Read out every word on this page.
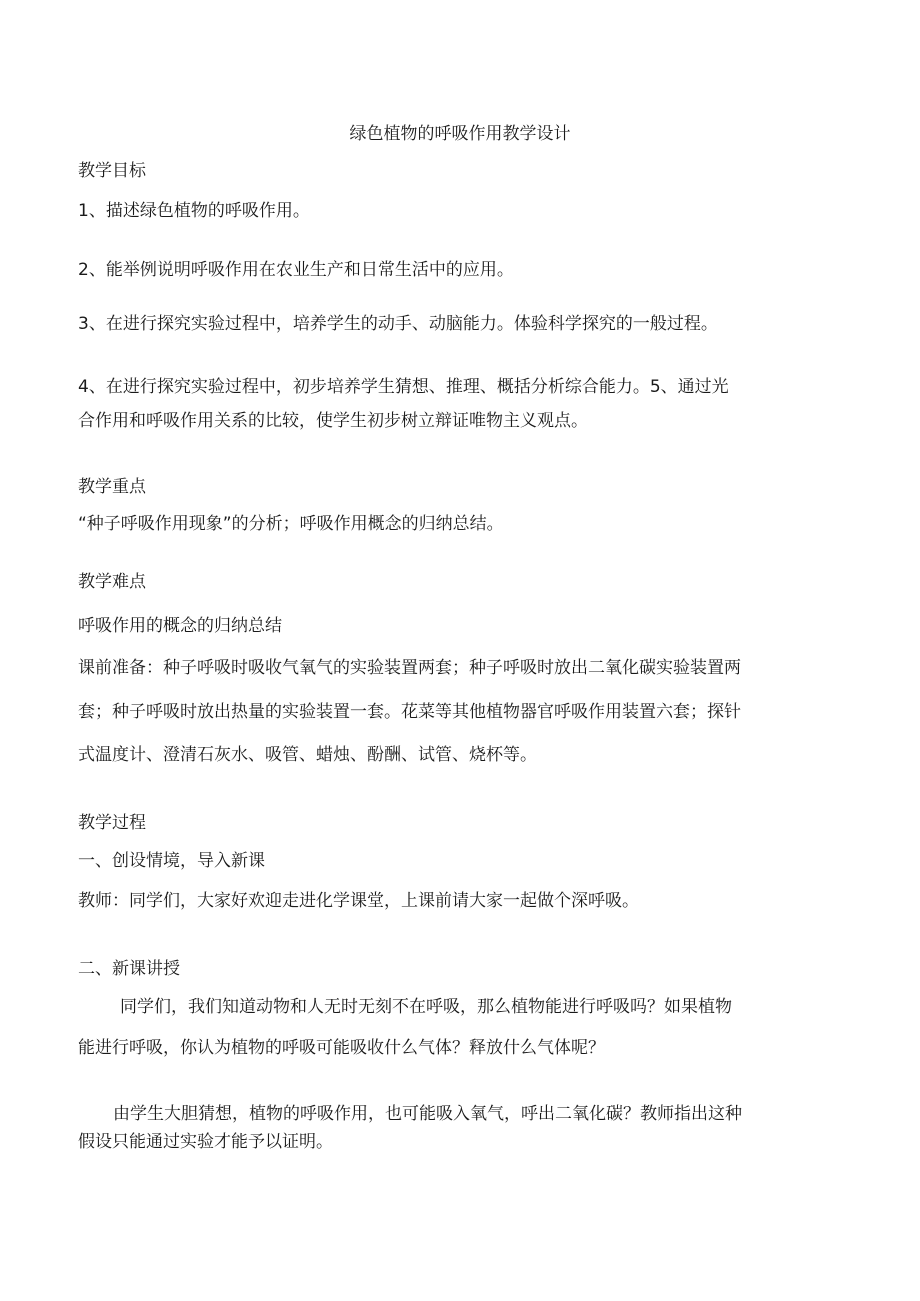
绿色植物的呼吸作用教学设计
教学目标
1、描述绿色植物的呼吸作用。
2、能举例说明呼吸作用在农业生产和日常生活中的应用。
3、在进行探究实验过程中，培养学生的动手、动脑能力。体验科学探究的一般过程。
4、在进行探究实验过程中，初步培养学生猜想、推理、概括分析综合能力。5、通过光
合作用和呼吸作用关系的比较，使学生初步树立辩证唯物主义观点。
教学重点
“种子呼吸作用现象”的分析；呼吸作用概念的归纳总结。
教学难点
呼吸作用的概念的归纳总结
课前准备：种子呼吸时吸收气氧气的实验装置两套；种子呼吸时放出二氧化碳实验装置两
套；种子呼吸时放出热量的实验装置一套。花菜等其他植物器官呼吸作用装置六套；探针
式温度计、澄清石灰水、吸管、蜡烛、酚酬、试管、烧杯等。
教学过程
一、创设情境，导入新课
教师：同学们，大家好欢迎走进化学课堂，上课前请大家一起做个深呼吸。
二、新课讲授
同学们，我们知道动物和人无时无刻不在呼吸，那么植物能进行呼吸吗？如果植物
能进行呼吸，你认为植物的呼吸可能吸收什么气体？释放什么气体呢？
由学生大胆猜想，植物的呼吸作用，也可能吸入氧气，呼出二氧化碳？教师指出这种
假设只能通过实验才能予以证明。
